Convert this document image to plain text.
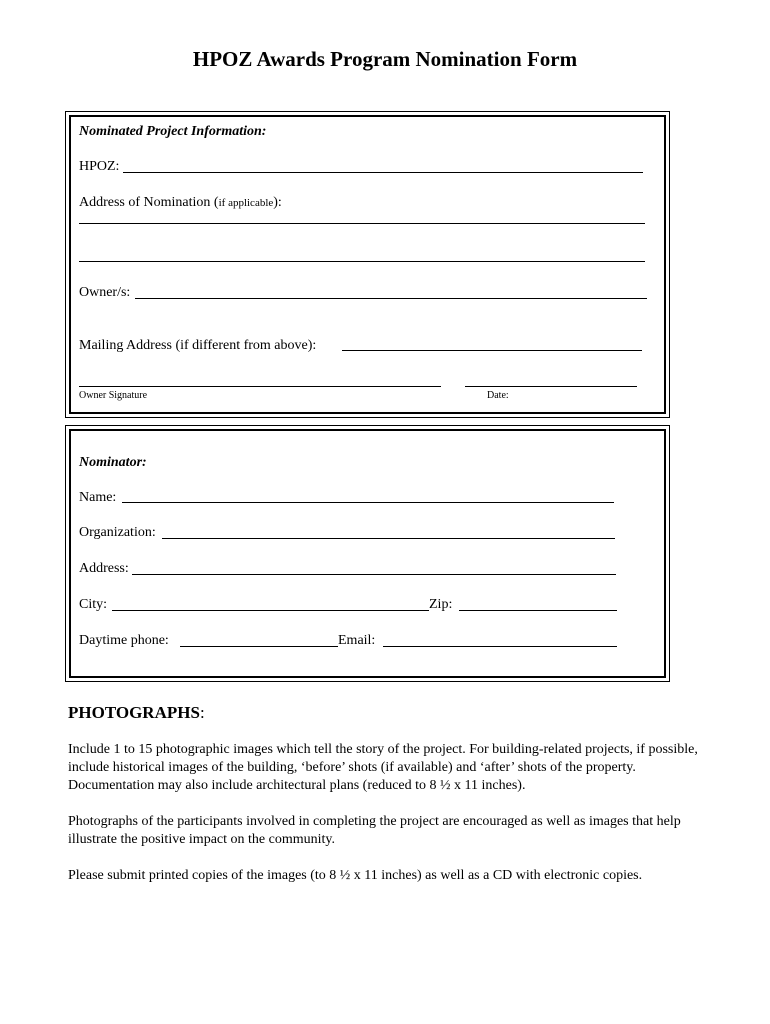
HPOZ Awards Program Nomination Form
Nominated Project Information:
HPOZ:
Address of Nomination (if applicable):
Owner/s:
Mailing Address (if different from above):
Owner Signature	Date:
Nominator:
Name:
Organization:
Address:
City:	Zip:
Daytime phone:	Email:
PHOTOGRAPHS:
Include 1 to 15 photographic images which tell the story of the project. For building-related projects, if possible, include historical images of the building, ‘before’ shots (if available) and ‘after’ shots of the property. Documentation may also include architectural plans (reduced to 8 ½ x 11 inches).
Photographs of the participants involved in completing the project are encouraged as well as images that help illustrate the positive impact on the community.
Please submit printed copies of the images (to 8 ½ x 11 inches) as well as a CD with electronic copies.
